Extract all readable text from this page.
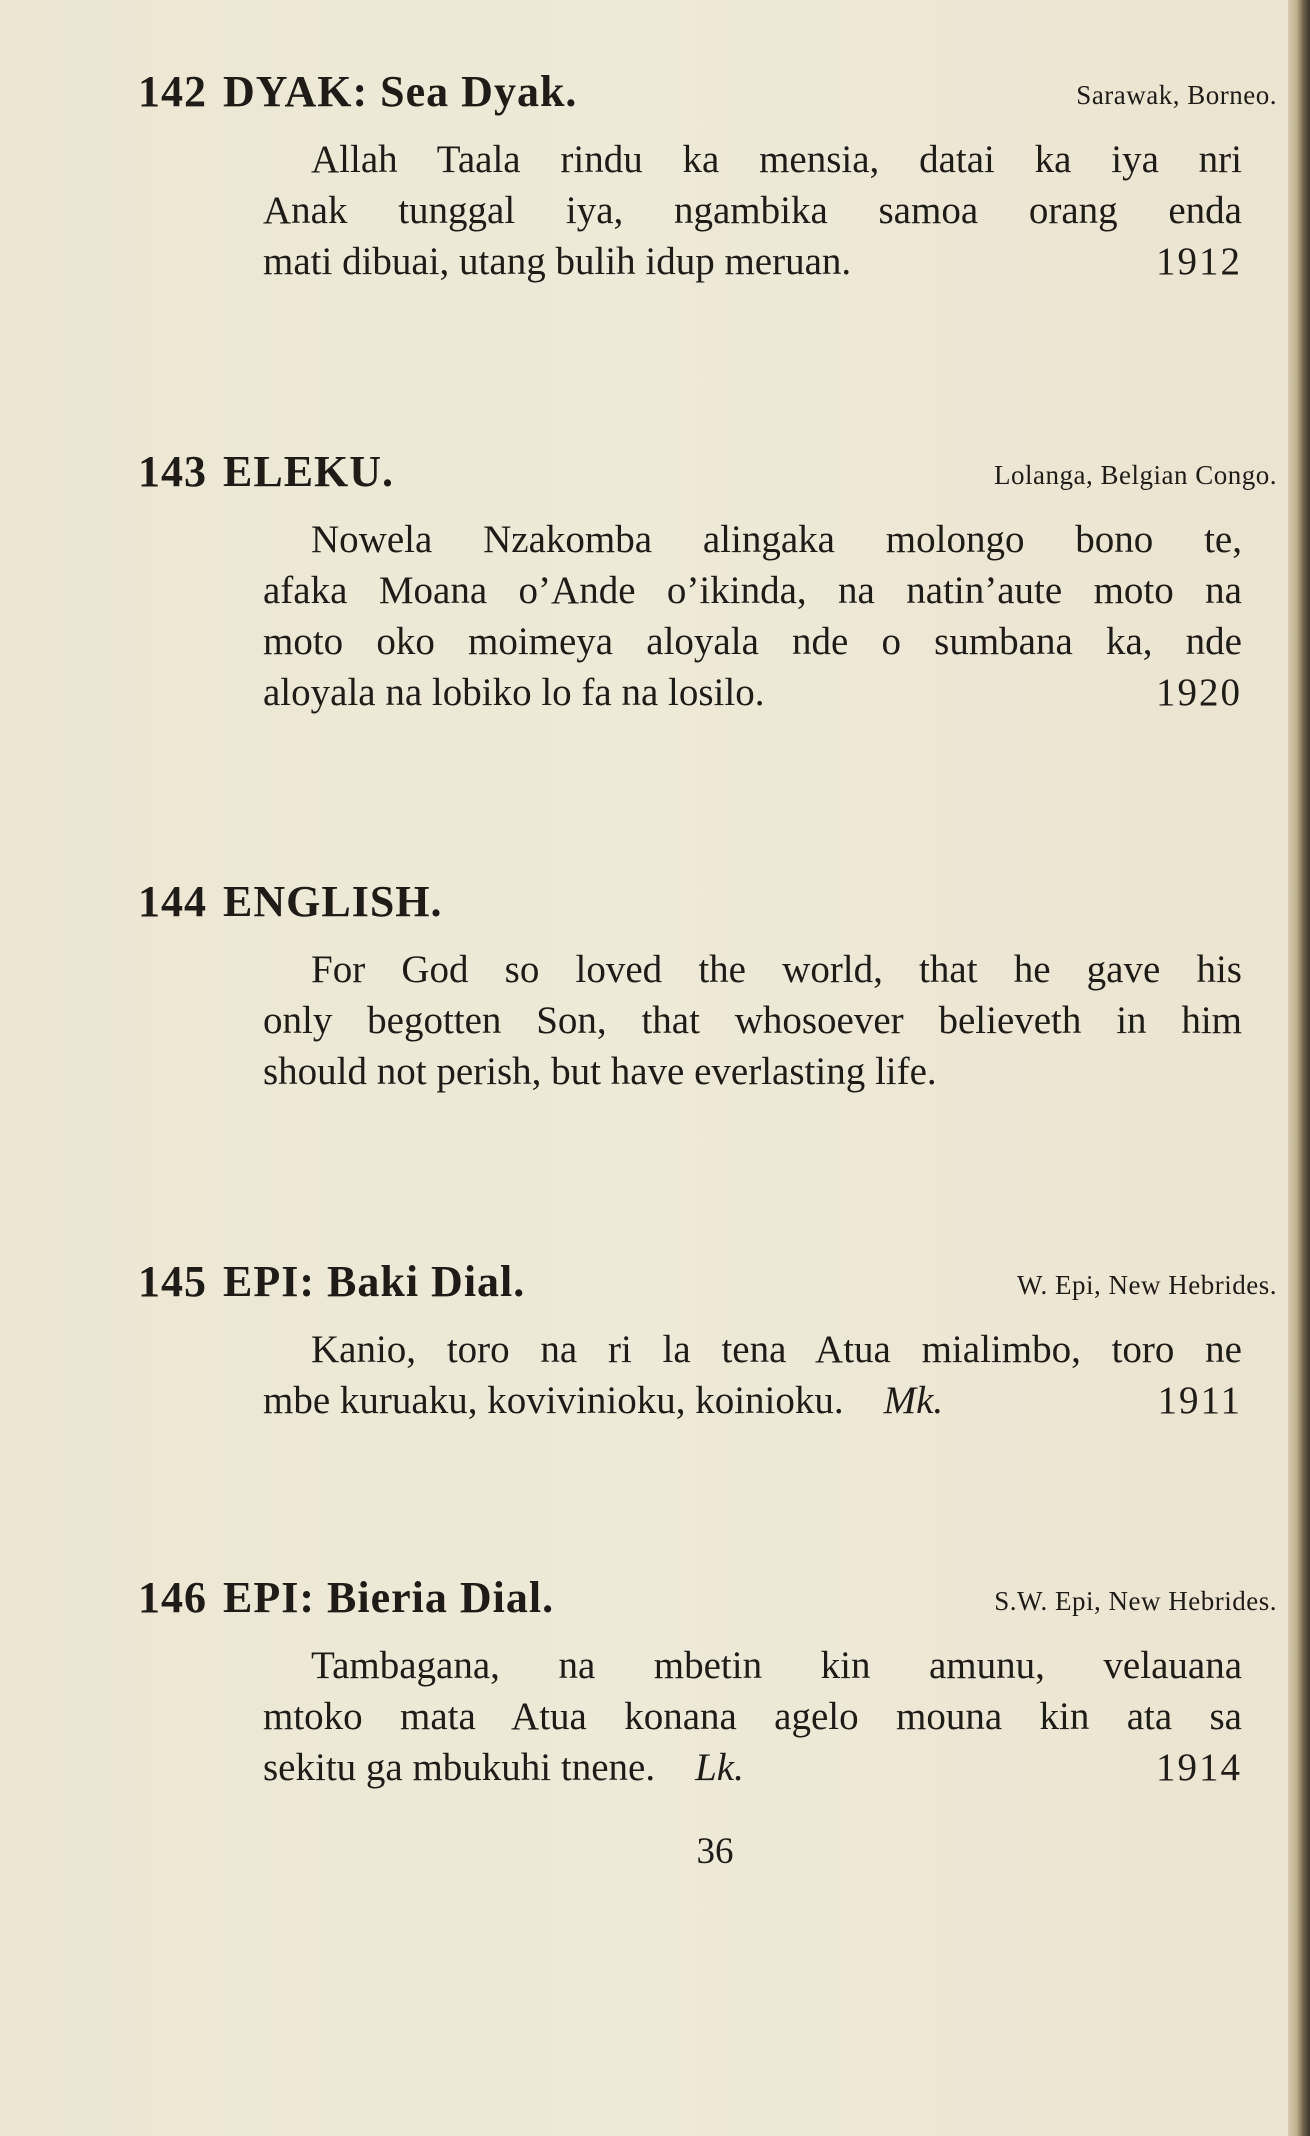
142 DYAK: Sea Dyak.	Sarawak, Borneo.
Allah Taala rindu ka mensia, datai ka iya nri
Anak tunggal iya, ngambika samoa orang enda
mati dibuai, utang bulih idup meruan.	1912
143 ELEKU.	Lolanga, Belgian Congo.
Nowela Nzakomba alingaka molongo bono te,
afaka Moana o’Ande o’ikinda, na natin’aute moto na
moto oko moimeya aloyala nde o sumbana ka, nde
aloyala na lobiko lo fa na losilo.	1920
144 ENGLISH.
For God so loved the world, that he gave his
only begotten Son, that whosoever believeth in him
should not perish, but have everlasting life.
145 EPI: Baki Dial.	W. Epi, New Hebrides.
Kanio, toro na ri la tena Atua mialimbo, toro ne
mbe kuruaku, kovivinioku, koinioku. Mk.	1911
146 EPI: Bieria Dial.	S.W. Epi, New Hebrides.
Tambagana, na mbetin kin amunu, velauana
mtoko mata Atua konana agelo mouna kin ata sa
sekitu ga mbukuhi tnene. Lk.	1914
36
